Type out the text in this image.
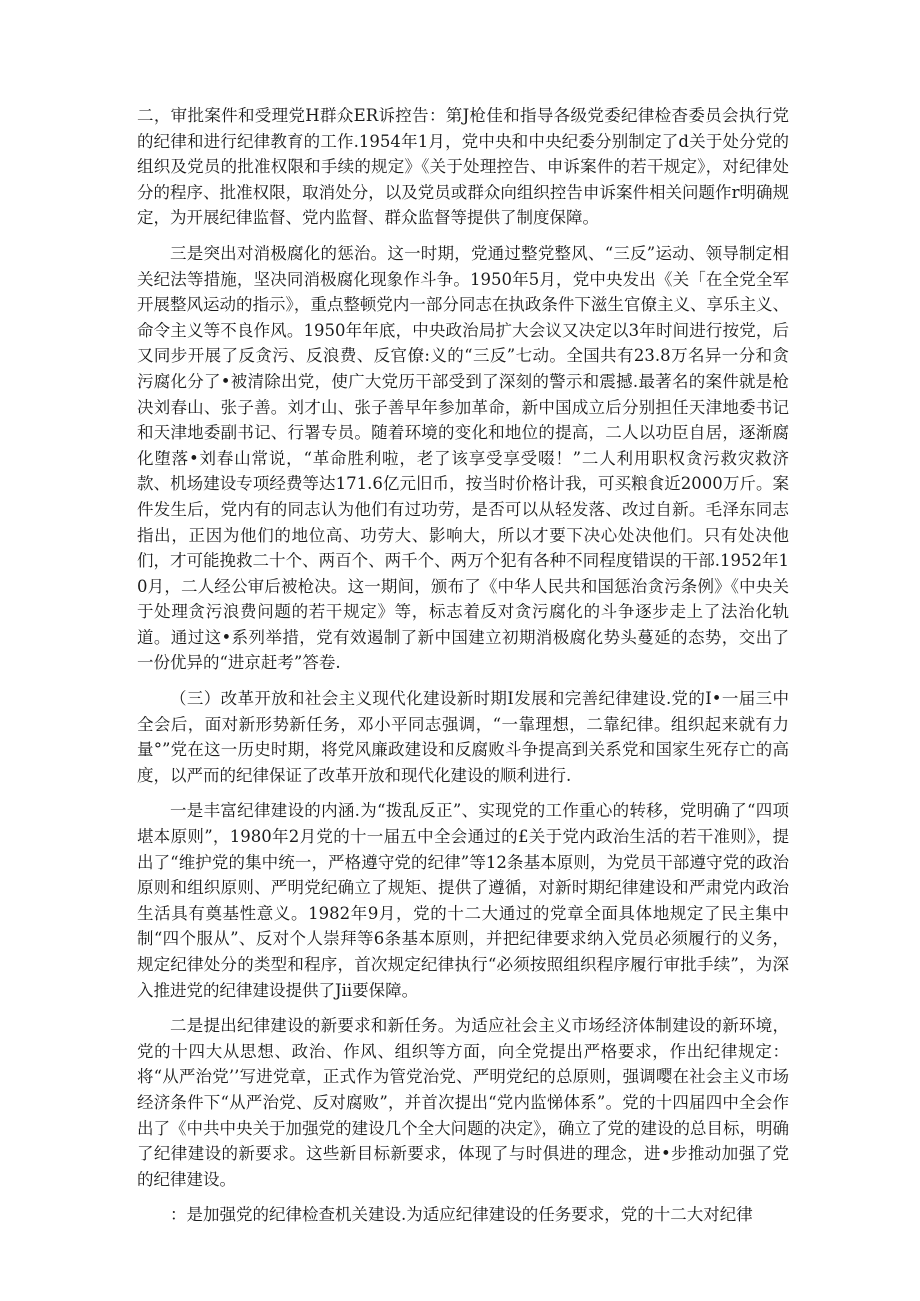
二，审批案件和受理党H群众ER诉控告：第J枪佳和指导各级党委纪律检杳委员会执行党的纪律和进行纪律教育的工作.1954年1月，党中央和中央纪委分别制定了d关于处分党的组织及党员的批准权限和手续的规定》《关于处理控告、申诉案件的若干规定》，对纪律处分的程序、批准权限，取消处分，以及党员或群众向组织控告申诉案件相关问题作r明确规定，为开展纪律监督、党内监督、群众监督等提供了制度保障。

三是突出对消极腐化的惩治。这一时期，党通过整党整风、“三反”运动、领导制定相关纪法等措施，坚决同消极腐化现象作斗争。1950年5月，党中央发出《关「在全党全军开展整风运动的指示》，重点整顿党内一部分同志在执政条件下滋生官僚主义、享乐主义、命令主义等不良作风。1950年年底，中央政治局扩大会议又决定以3年时间进行按党，后又同步开展了反贪污、反浪费、反官僚:义的“三反”七动。全国共有23.8万名异一分和贪污腐化分了•被清除出党，使广大党历干部受到了深刻的警示和震撼.最著名的案件就是枪决刘春山、张子善。刘才山、张子善早年参加革命，新中国成立后分别担任天津地委书记和天津地委副书记、行署专员。随着环境的变化和地位的提高，二人以功臣自居，逐渐腐化堕落•刘春山常说，“革命胜利啦，老了该享受享受啜！”二人利用职权贪污救灾救济款、机场建设专项经费等达171.6亿元旧币，按当时价格计我，可买粮食近2000万斤。案件发生后，党内有的同志认为他们有过功劳，是否可以从轻发落、改过自新。毛泽东同志指出，正因为他们的地位高、功劳大、影响大，所以才要下决心处决他们。只有处决他们，才可能挽救二十个、两百个、两千个、两万个犯有各种不同程度错误的干部.1952年10月，二人经公审后被枪决。这一期间，颁布了《中华人民共和国惩治贪污条例》《中央关于处理贪污浪费问题的若干规定》等，标志着反对贪污腐化的斗争逐步走上了法治化轨道。通过这•系列举措，党有效遏制了新中国建立初期消极腐化势头蔓延的态势，交出了一份优异的“进京赶考”答卷.

（三）改革开放和社会主义现代化建设新时期I发展和完善纪律建设.党的I•一届三中全会后，面对新形势新任务，邓小平同志强调，“一靠理想，二靠纪律。组织起来就有力量°”党在这一历史时期，将党风廉政建设和反腐败斗争提高到关系党和国家生死存亡的高度，以严而的纪律保证了改革开放和现代化建设的顺利进行.

一是丰富纪律建设的内涵.为“拨乱反正”、实现党的工作重心的转移，党明确了“四项堪本原则”，1980年2月党的十一届五中全会通过的£关于党内政治生活的若干准则》，提出了“维护党的集中统一，严格遵守党的纪律”等12条基本原则，为党员干部遵守党的政治原则和组织原则、严明党纪确立了规矩、提供了遵循，对新时期纪律建设和严肃党内政治生活具有奠基性意义。1982年9月，党的十二大通过的党章全面具体地规定了民主集中制“四个服从”、反对个人崇拜等6条基本原则，并把纪律要求纳入党员必须履行的义务，规定纪律处分的类型和程序，首次规定纪律执行“必须按照组织程序履行审批手续”，为深入推进党的纪律建设提供了Jii要保障。

二是提出纪律建设的新要求和新任务。为适应社会主义市场经济体制建设的新环境，党的十四大从思想、政治、作风、组织等方面，向全党提出严格要求，作出纪律规定：将“从严治党’’写进党章，正式作为管党治党、严明党纪的总原则，强调嘤在社会主义市场经济条件下“从严治党、反对腐败”，并首次提出“党内监悌体系”。党的十四届四中全会作出了《中共中央关于加强党的建设几个全大问题的决定》，确立了党的建设的总目标，明确了纪律建设的新要求。这些新目标新要求，体现了与时俱进的理念，进•步推动加强了党的纪律建设。

：是加强党的纪律检查机关建设.为适应纪律建设的任务要求，党的十二大对纪律
